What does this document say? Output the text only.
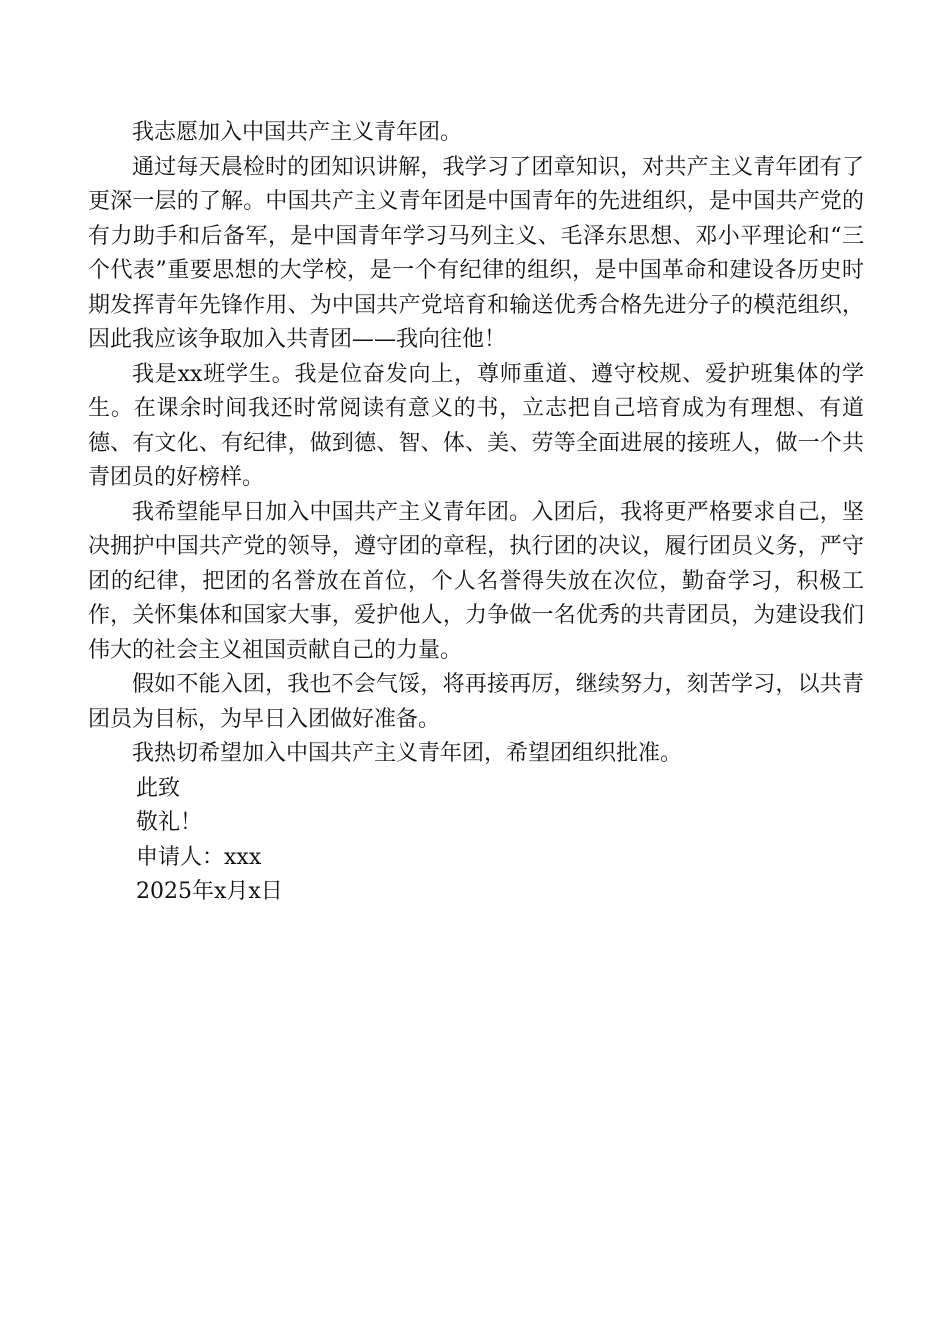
我志愿加入中国共产主义青年团。

通过每天晨检时的团知识讲解，我学习了团章知识，对共产主义青年团有了更深一层的了解。中国共产主义青年团是中国青年的先进组织，是中国共产党的有力助手和后备军，是中国青年学习马列主义、毛泽东思想、邓小平理论和“三个代表”重要思想的大学校，是一个有纪律的组织，是中国革命和建设各历史时期发挥青年先锋作用、为中国共产党培育和输送优秀合格先进分子的模范组织，因此我应该争取加入共青团——我向往他！

我是xx班学生。我是位奋发向上，尊师重道、遵守校规、爱护班集体的学生。在课余时间我还时常阅读有意义的书，立志把自己培育成为有理想、有道德、有文化、有纪律，做到德、智、体、美、劳等全面进展的接班人，做一个共青团员的好榜样。

我希望能早日加入中国共产主义青年团。入团后，我将更严格要求自己，坚决拥护中国共产党的领导，遵守团的章程，执行团的决议，履行团员义务，严守团的纪律，把团的名誉放在首位，个人名誉得失放在次位，勤奋学习，积极工作，关怀集体和国家大事，爱护他人，力争做一名优秀的共青团员，为建设我们伟大的社会主义祖国贡献自己的力量。

假如不能入团，我也不会气馁，将再接再厉，继续努力，刻苦学习，以共青团员为目标，为早日入团做好准备。

我热切希望加入中国共产主义青年团，希望团组织批准。

此致

敬礼！

申请人：xxx

2025年x月x日
